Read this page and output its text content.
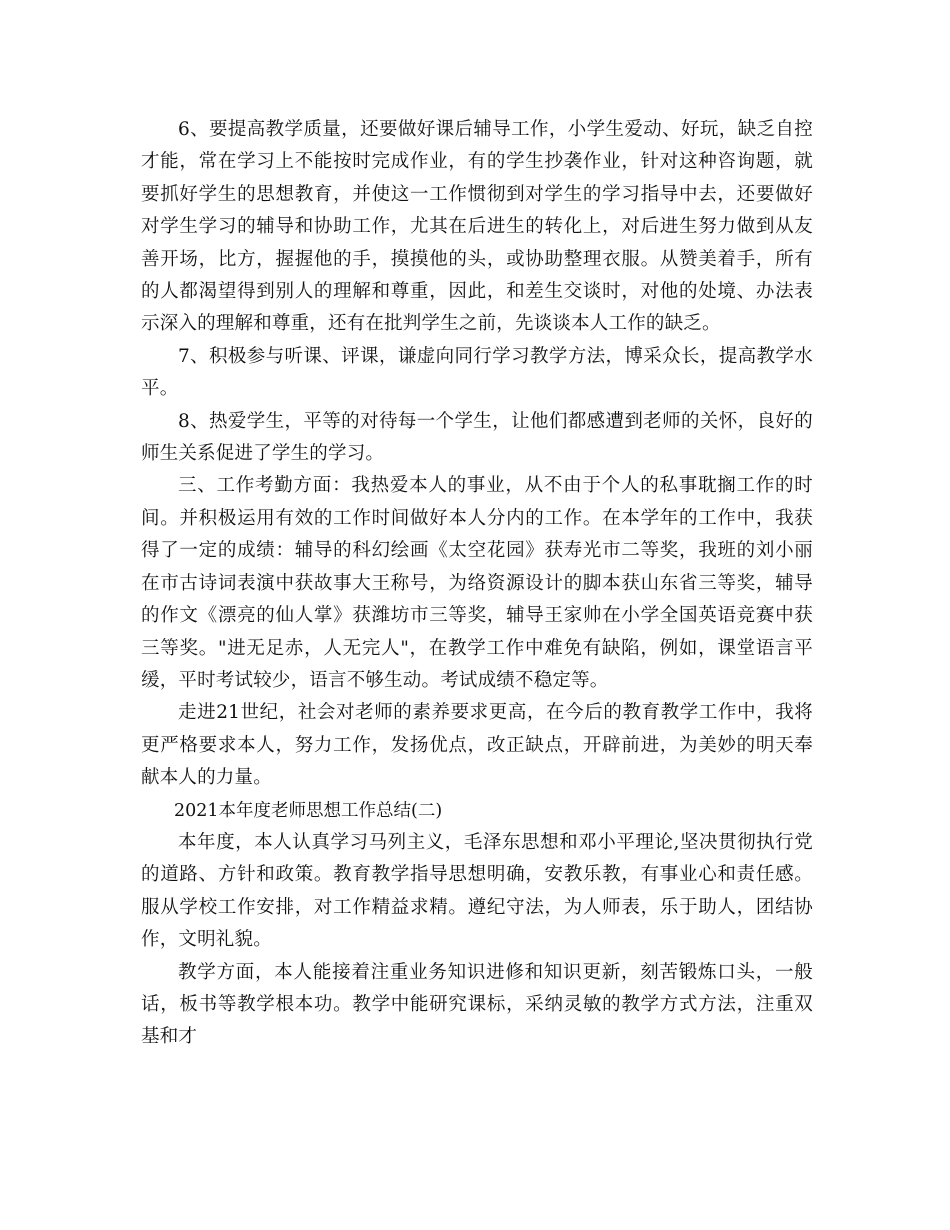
6、要提高教学质量，还要做好课后辅导工作，小学生爱动、好玩，缺乏自控才能，常在学习上不能按时完成作业，有的学生抄袭作业，针对这种咨询题，就要抓好学生的思想教育，并使这一工作惯彻到对学生的学习指导中去，还要做好对学生学习的辅导和协助工作，尤其在后进生的转化上，对后进生努力做到从友善开场，比方，握握他的手，摸摸他的头，或协助整理衣服。从赞美着手，所有的人都渴望得到别人的理解和尊重，因此，和差生交谈时，对他的处境、办法表示深入的理解和尊重，还有在批判学生之前，先谈谈本人工作的缺乏。

7、积极参与听课、评课，谦虚向同行学习教学方法，博采众长，提高教学水平。

8、热爱学生，平等的对待每一个学生，让他们都感遭到老师的关怀，良好的师生关系促进了学生的学习。

三、工作考勤方面：我热爱本人的事业，从不由于个人的私事耽搁工作的时间。并积极运用有效的工作时间做好本人分内的工作。在本学年的工作中，我获得了一定的成绩：辅导的科幻绘画《太空花园》获寿光市二等奖，我班的刘小丽在市古诗词表演中获故事大王称号，为络资源设计的脚本获山东省三等奖，辅导的作文《漂亮的仙人掌》获潍坊市三等奖，辅导王家帅在小学全国英语竞赛中获三等奖。"进无足赤，人无完人"，在教学工作中难免有缺陷，例如，课堂语言平缓，平时考试较少，语言不够生动。考试成绩不稳定等。

走进21世纪，社会对老师的素养要求更高，在今后的教育教学工作中，我将更严格要求本人，努力工作，发扬优点，改正缺点，开辟前进，为美妙的明天奉献本人的力量。

2021本年度老师思想工作总结(二)

本年度，本人认真学习马列主义，毛泽东思想和邓小平理论,坚决贯彻执行党的道路、方针和政策。教育教学指导思想明确，安教乐教，有事业心和责任感。服从学校工作安排，对工作精益求精。遵纪守法，为人师表，乐于助人，团结协作，文明礼貌。

教学方面，本人能接着注重业务知识进修和知识更新，刻苦锻炼口头，一般话，板书等教学根本功。教学中能研究课标，采纳灵敏的教学方式方法，注重双基和才
